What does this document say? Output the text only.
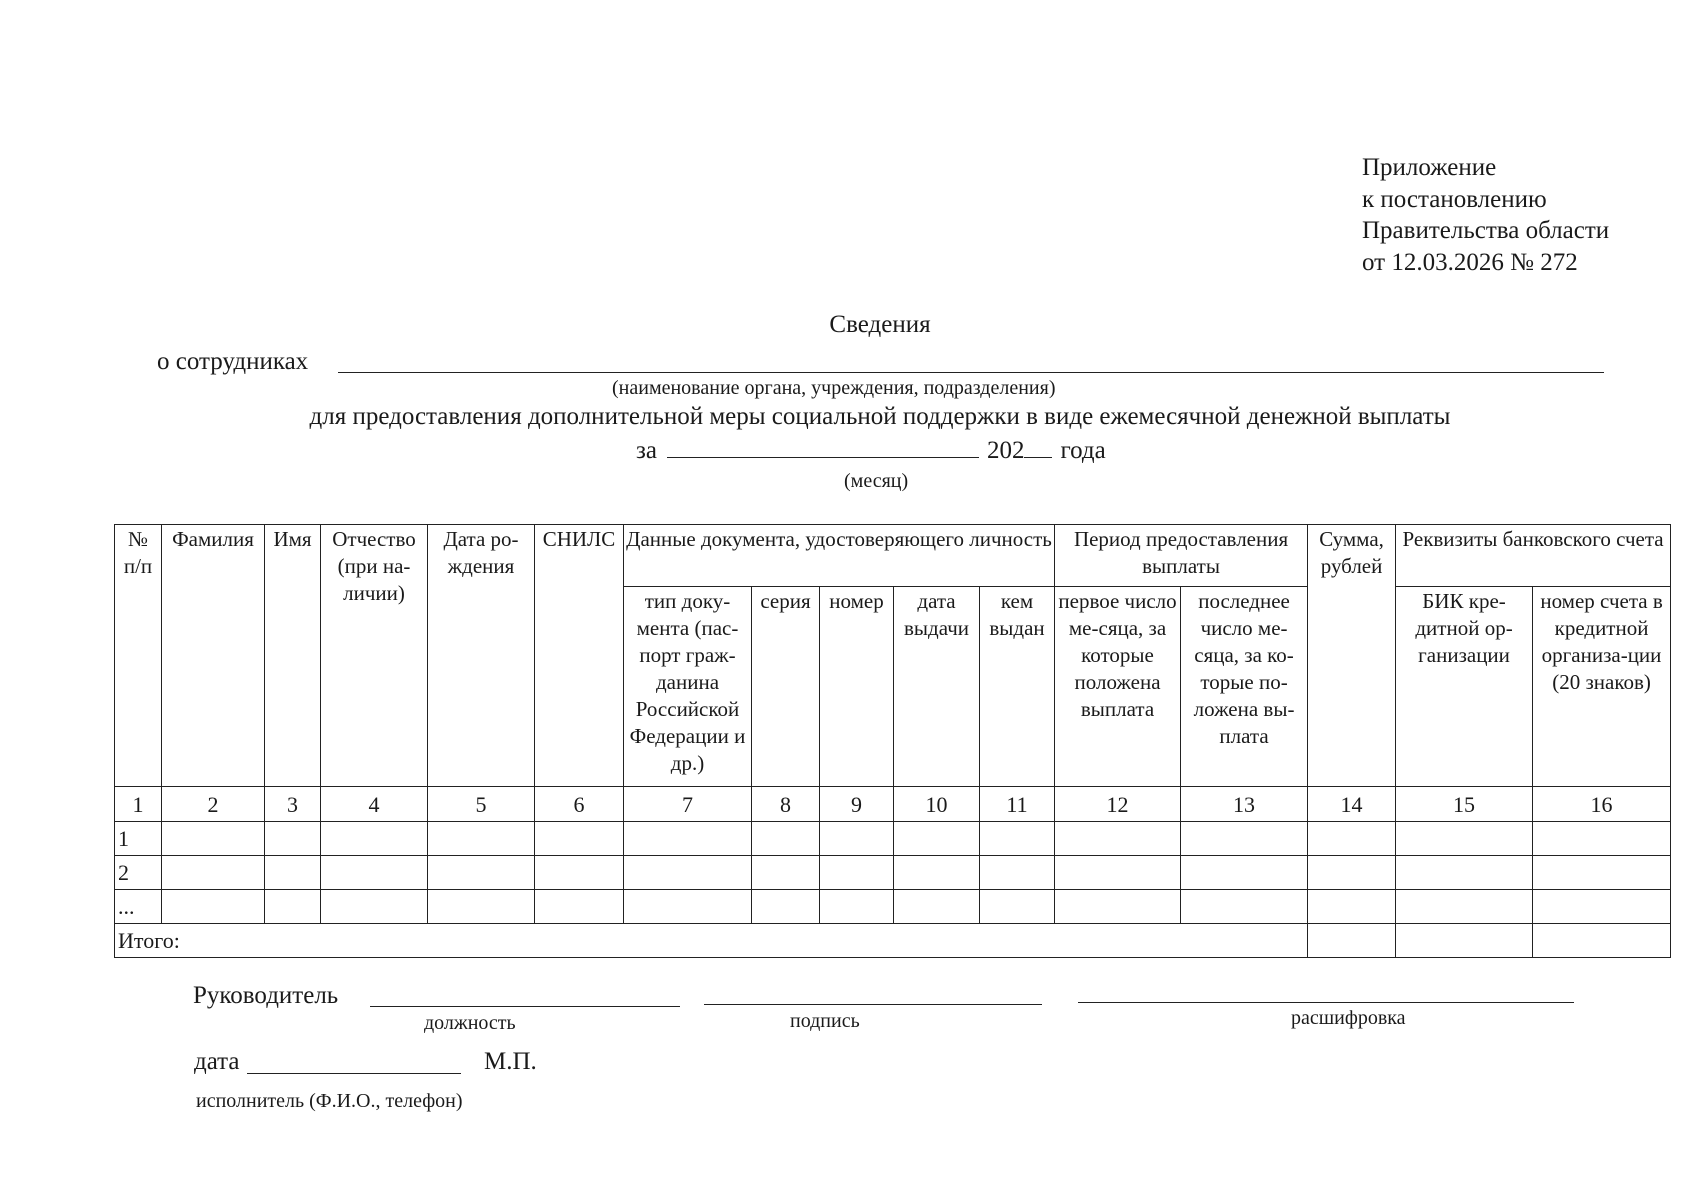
Приложение
к постановлению
Правительства области
от 12.03.2026 № 272
Сведения
о сотрудниках
(наименование органа, учреждения, подразделения)
для предоставления дополнительной меры социальной поддержки в виде ежемесячной денежной выплаты
за	202 года
(месяц)
№ п/п	Фамилия	Имя	Отчество (при на-личии)	Дата ро-ждения	СНИЛС	Данные документа, удостоверяющего личность					Период предоставления выплаты		Сумма, рублей	Реквизиты банковского счета	
						тип доку-мента (пас-порт граж-данина Российской Федерации и др.)	серия	номер	дата выдачи	кем выдан	первое число ме-сяца, за которые положена выплата	последнее число ме-сяца, за ко-торые по-ложена вы-плата		БИК кре-дитной ор-ганизации	номер счета в кредитной организа-ции (20 знаков)
1	2	3	4	5	6	7	8	9	10	11	12	13	14	15	16
1															
2															
...															
Итого:															
Руководитель
должность	подпись	расшифровка
дата	М.П.
исполнитель (Ф.И.О., телефон)
